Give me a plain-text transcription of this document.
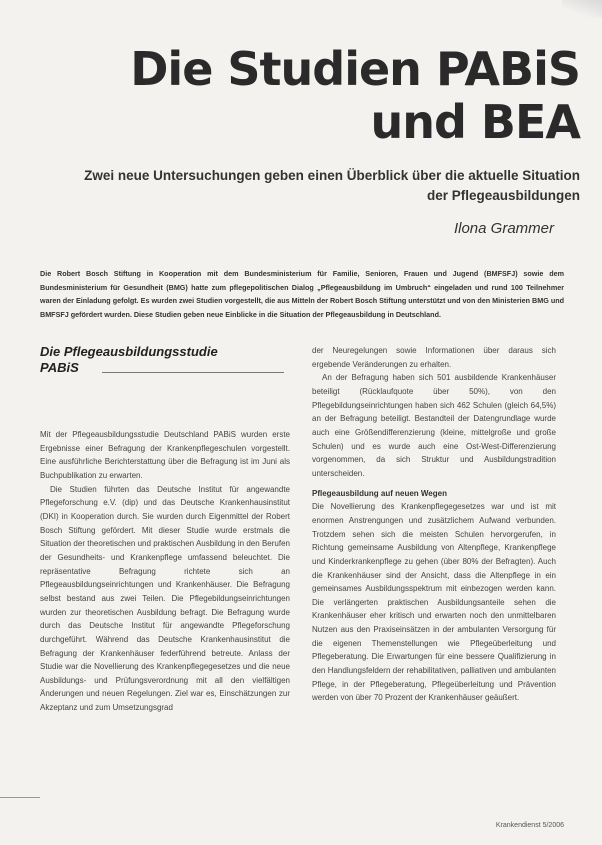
Die Studien PABiS
und BEA
Zwei neue Untersuchungen geben einen Überblick über die aktuelle Situation
der Pflegeausbildungen
Ilona Grammer
Die Robert Bosch Stiftung in Kooperation mit dem Bundesministerium für Familie, Senioren, Frauen und Jugend (BMFSFJ) sowie dem Bundesministerium für Gesundheit (BMG) hatte zum pflegepolitischen Dialog „Pflegeausbildung im Umbruch“ eingeladen und rund 100 Teilnehmer waren der Einladung gefolgt. Es wurden zwei Studien vorgestellt, die aus Mitteln der Robert Bosch Stiftung unterstützt und von den Ministerien BMG und BMFSFJ gefördert wurden. Diese Studien geben neue Einblicke in die Situation der Pflegeausbildung in Deutschland.
Die Pflegeausbildungsstudie
PABiS

Mit der Pflegeausbildungsstudie Deutschland PABiS wurden erste Ergebnisse einer Befragung der Krankenpflegeschulen vorgestellt. Eine ausführliche Berichterstattung über die Befragung ist im Juni als Buchpublikation zu erwarten.

Die Studien führten das Deutsche Institut für angewandte Pflegeforschung e.V. (dip) und das Deutsche Krankenhausinstitut (DKI) in Kooperation durch. Sie wurden durch Eigenmittel der Robert Bosch Stiftung gefördert. Mit dieser Studie wurde erstmals die Situation der theoretischen und praktischen Ausbildung in den Berufen der Gesundheits- und Krankenpflege umfassend beleuchtet. Die repräsentative Befragung richtete sich an Pflegeausbildungseinrichtungen und Krankenhäuser. Die Befragung selbst bestand aus zwei Teilen. Die Pflegebildungseinrichtungen wurden zur theoretischen Ausbildung befragt. Die Befragung wurde durch das Deutsche Institut für angewandte Pflegeforschung durchgeführt. Während das Deutsche Krankenhausinstitut die Befragung der Krankenhäuser federführend betreute. Anlass der Studie war die Novellierung des Krankenpflegegesetzes und die neue Ausbildungs- und Prüfungsverordnung mit all den vielfältigen Änderungen und neuen Regelungen. Ziel war es, Einschätzungen zur Akzeptanz und zum Umsetzungsgrad

der Neuregelungen sowie Informationen über daraus sich ergebende Veränderungen zu erhalten.

An der Befragung haben sich 501 ausbildende Krankenhäuser beteiligt (Rücklaufquote über 50%), von den Pflegebildungseinrichtungen haben sich 462 Schulen (gleich 64,5%) an der Befragung beteiligt. Bestandteil der Datengrundlage wurde auch eine Größendifferenzierung (kleine, mittelgroße und große Schulen) und es wurde auch eine Ost-West-Differenzierung vorgenommen, da sich Struktur und Ausbildungstradition unterscheiden.

Pflegeausbildung auf neuen Wegen

Die Novellierung des Krankenpflegegesetzes war und ist mit enormen Anstrengungen und zusätzlichem Aufwand verbunden. Trotzdem sehen sich die meisten Schulen hervorgerufen, in Richtung gemeinsame Ausbildung von Altenpflege, Krankenpflege und Kinderkrankenpflege zu gehen (über 80% der Befragten). Auch die Krankenhäuser sind der Ansicht, dass die Altenpflege in ein gemeinsames Ausbildungsspektrum mit einbezogen werden kann. Die verlängerten praktischen Ausbildungsanteile sehen die Krankenhäuser eher kritisch und erwarten noch den unmittelbaren Nutzen aus den Praxiseinsätzen in der ambulanten Versorgung für die eigenen Themenstellungen wie Pflegeüberleitung und Pflegeberatung. Die Erwartungen für eine bessere Qualifizierung in den Handlungsfeldern der rehabilitativen, palliativen und ambulanten Pflege, in der Pflegeberatung, Pflegeüberleitung und Prävention werden von über 70 Prozent der Krankenhäuser geäußert.

Krankendienst 5/2006
